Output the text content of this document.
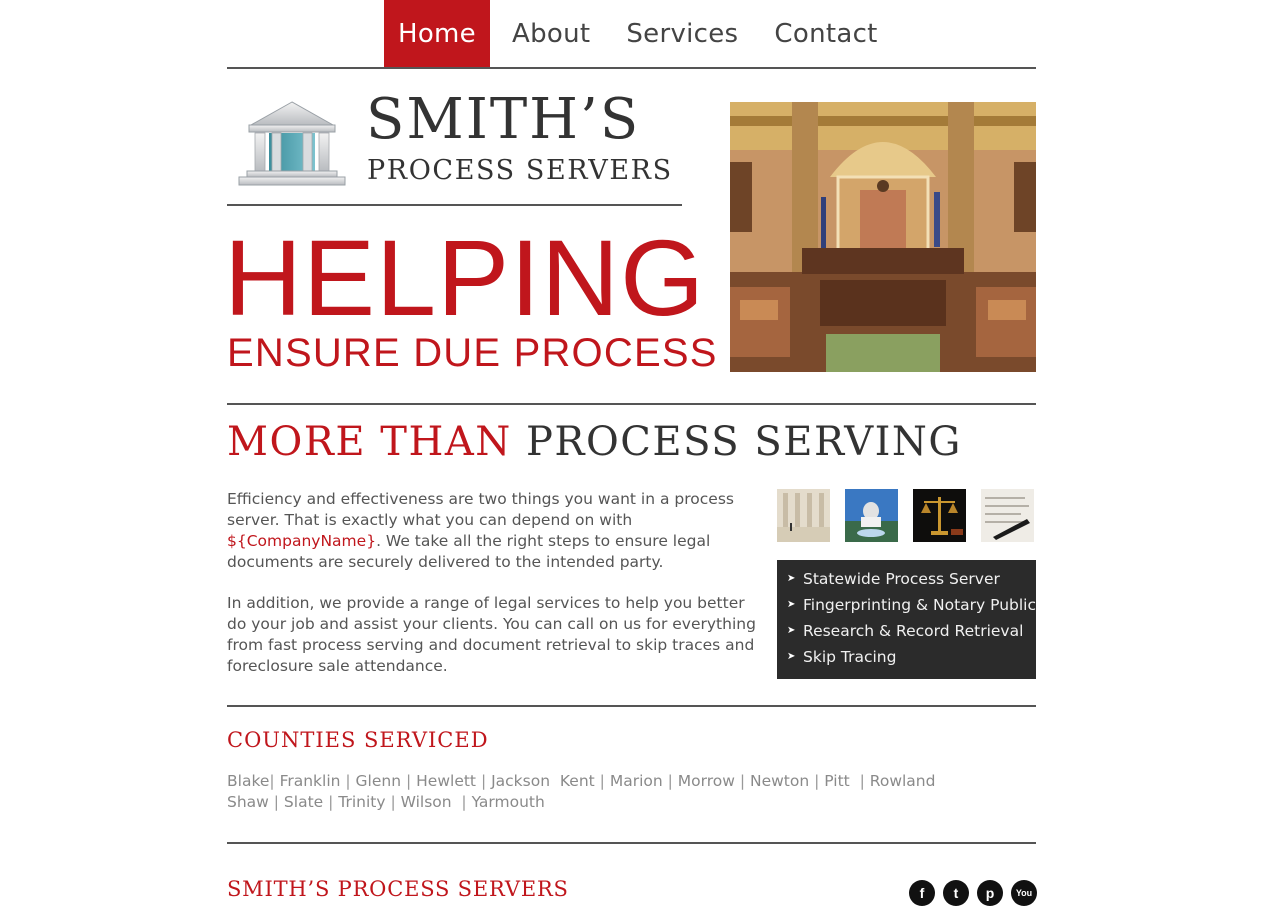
Home	About	Services	Contact
SMITH’S
PROCESS SERVERS
HELPING
ENSURE DUE PROCESS
MORE THAN PROCESS SERVING
Efficiency and effectiveness are two things you want in a process server. That is exactly what you can depend on with ${CompanyName}. We take all the right steps to ensure legal documents are securely delivered to the intended party.
In addition, we provide a range of legal services to help you better do your job and assist your clients. You can call on us for everything from fast process serving and document retrieval to skip traces and foreclosure sale attendance.
➤ Statewide Process Server
➤ Fingerprinting & Notary Public
➤ Research & Record Retrieval
➤ Skip Tracing
COUNTIES SERVICED
Blake| Franklin | Glenn | Hewlett | Jackson Kent | Marion | Morrow | Newton | Pitt  | Rowland
Shaw | Slate | Trinity | Wilson  | Yarmouth
SMITH’S PROCESS SERVERS	f	t	p	You
